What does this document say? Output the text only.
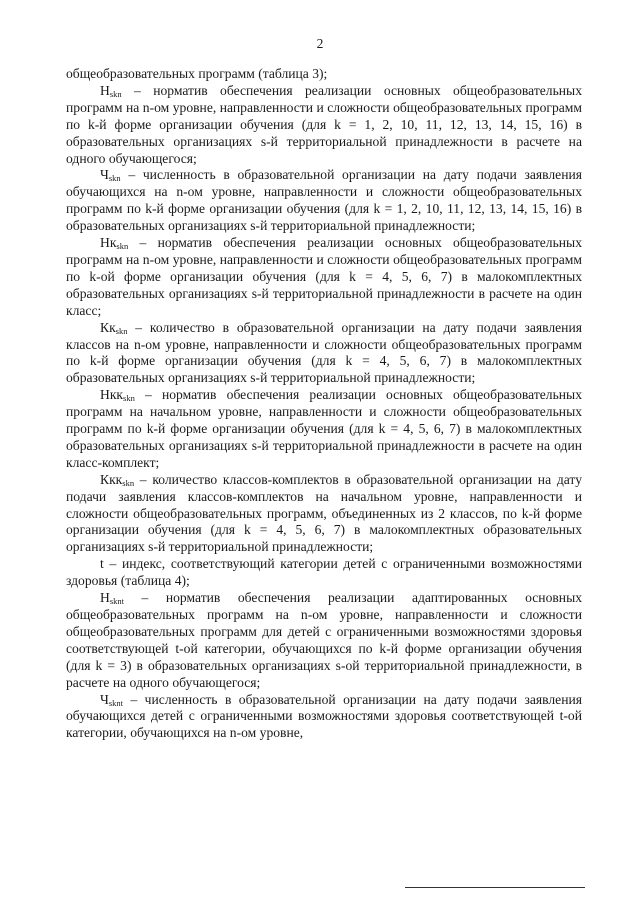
2

общеобразовательных программ (таблица 3);

$Н_{skn}$ – норматив обеспечения реализации основных общеобразовательных программ на n-ом уровне, направленности и сложности общеобразовательных программ по k-й форме организации обучения (для k = 1, 2, 10, 11, 12, 13, 14, 15, 16) в образовательных организациях s-й территориальной принадлежности в расчете на одного обучающегося;

$Ч_{skn}$ – численность в образовательной организации на дату подачи заявления обучающихся на n-ом уровне, направленности и сложности общеобразовательных программ по k-й форме организации обучения (для k = 1, 2, 10, 11, 12, 13, 14, 15, 16) в образовательных организациях s-й территориальной принадлежности;

$Нк_{skn}$ – норматив обеспечения реализации основных общеобразовательных программ на n-ом уровне, направленности и сложности общеобразовательных программ по k-ой форме организации обучения (для k = 4, 5, 6, 7) в малокомплектных образовательных организациях s-й территориальной принадлежности в расчете на один класс;

$Кк_{skn}$ – количество в образовательной организации на дату подачи заявления классов на n-ом уровне, направленности и сложности общеобразовательных программ по k-й форме организации обучения (для k = 4, 5, 6, 7) в малокомплектных образовательных организациях s-й территориальной принадлежности;

Нкк$_{skn}$ – норматив обеспечения реализации основных общеобразовательных программ на начальном уровне, направленности и сложности общеобразовательных программ по k-й форме организации обучения (для k = 4, 5, 6, 7) в малокомплектных образовательных организациях s-й территориальной принадлежности в расчете на один класс-комплект;

Ккк$_{skn}$ – количество классов-комплектов в образовательной организации на дату подачи заявления классов-комплектов на начальном уровне, направленности и сложности общеобразовательных программ, объединенных из 2 классов, по k-й форме организации обучения (для k = 4, 5, 6, 7) в малокомплектных образовательных организациях s-й территориальной принадлежности;

t – индекс, соответствующий категории детей с ограниченными возможностями здоровья (таблица 4);

$Н_{sknt}$ – норматив обеспечения реализации адаптированных основных общеобразовательных программ на n-ом уровне, направленности и сложности общеобразовательных программ для детей с ограниченными возможностями здоровья соответствующей t-ой категории, обучающихся по k-й форме организации обучения (для k = 3) в образовательных организациях s-ой территориальной принадлежности, в расчете на одного обучающегося;

$Ч_{sknt}$ – численность в образовательной организации на дату подачи заявления обучающихся детей с ограниченными возможностями здоровья соответствующей t-ой категории, обучающихся на n-ом уровне,
